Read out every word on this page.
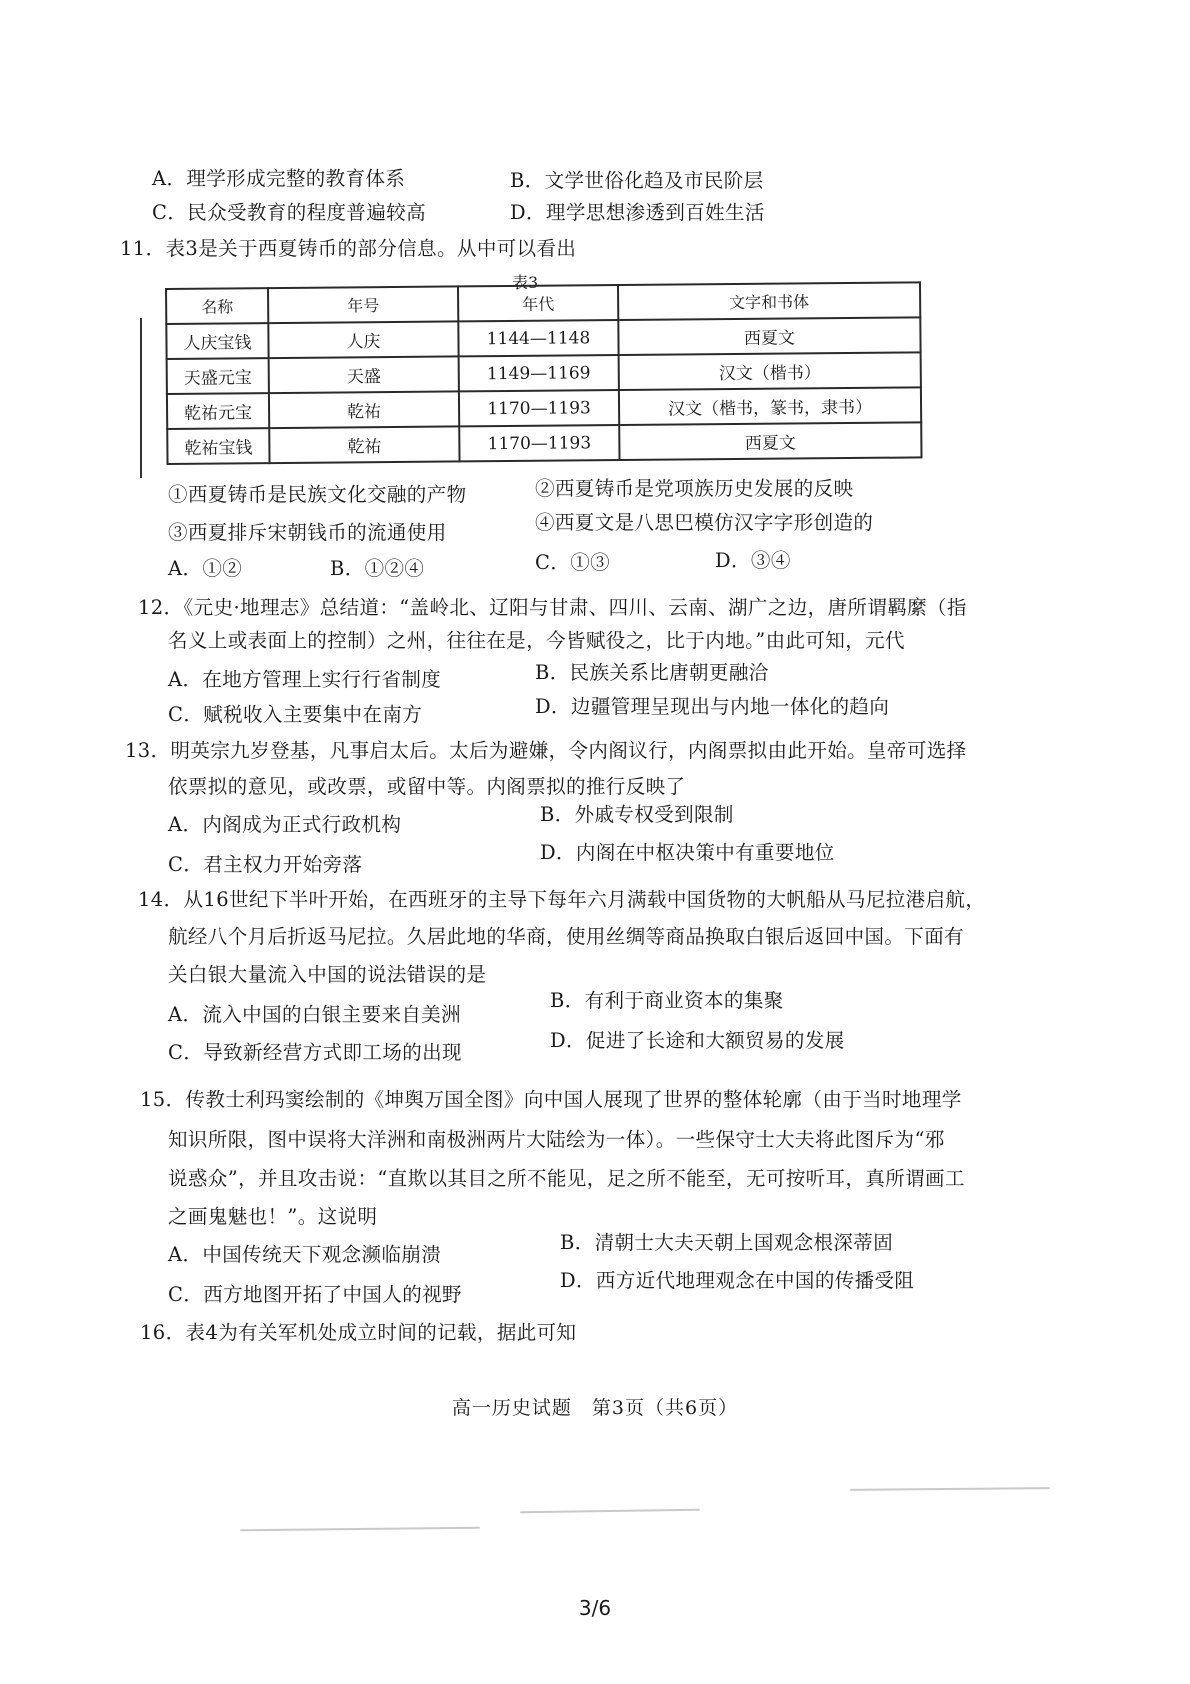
A．理学形成完整的教育体系	B．文学世俗化趋及市民阶层
C．民众受教育的程度普遍较高	D．理学思想渗透到百姓生活
11．表3是关于西夏铸币的部分信息。从中可以看出
表3
名称	年号	年代	文字和书体
人庆宝钱	人庆	1144—1148	西夏文
天盛元宝	天盛	1149—1169	汉文（楷书）
乾祐元宝	乾祐	1170—1193	汉文（楷书，篆书，隶书）
乾祐宝钱	乾祐	1170—1193	西夏文
①西夏铸币是民族文化交融的产物	②西夏铸币是党项族历史发展的反映
③西夏排斥宋朝钱币的流通使用	④西夏文是八思巴模仿汉字字形创造的
A．①②	B．①②④	C．①③	D．③④
12．《元史·地理志》总结道：“盖岭北、辽阳与甘肃、四川、云南、湖广之边，唐所谓羁縻（指
名义上或表面上的控制）之州，往往在是，今皆赋役之，比于内地。”由此可知，元代
A．在地方管理上实行行省制度	B．民族关系比唐朝更融洽
C．赋税收入主要集中在南方	D．边疆管理呈现出与内地一体化的趋向
13．明英宗九岁登基，凡事启太后。太后为避嫌，令内阁议行，内阁票拟由此开始。皇帝可选择
依票拟的意见，或改票，或留中等。内阁票拟的推行反映了
A．内阁成为正式行政机构	B．外戚专权受到限制
C．君主权力开始旁落
D．内阁在中枢决策中有重要地位
14．从16世纪下半叶开始，在西班牙的主导下每年六月满载中国货物的大帆船从马尼拉港启航，
航经八个月后折返马尼拉。久居此地的华商，使用丝绸等商品换取白银后返回中国。下面有
关白银大量流入中国的说法错误的是
A．流入中国的白银主要来自美洲
B．有利于商业资本的集聚
C．导致新经营方式即工场的出现
D．促进了长途和大额贸易的发展
15．传教士利玛窦绘制的《坤舆万国全图》向中国人展现了世界的整体轮廓（由于当时地理学
知识所限，图中误将大洋洲和南极洲两片大陆绘为一体）。一些保守士大夫将此图斥为“邪
说惑众”，并且攻击说：“直欺以其目之所不能见，足之所不能至，无可按听耳，真所谓画工
之画鬼魅也！”。这说明
A．中国传统天下观念濒临崩溃
B．清朝士大夫天朝上国观念根深蒂固
C．西方地图开拓了中国人的视野
D．西方近代地理观念在中国的传播受阻
16．表4为有关军机处成立时间的记载，据此可知
高一历史试题　第3页（共6页）
3/6
